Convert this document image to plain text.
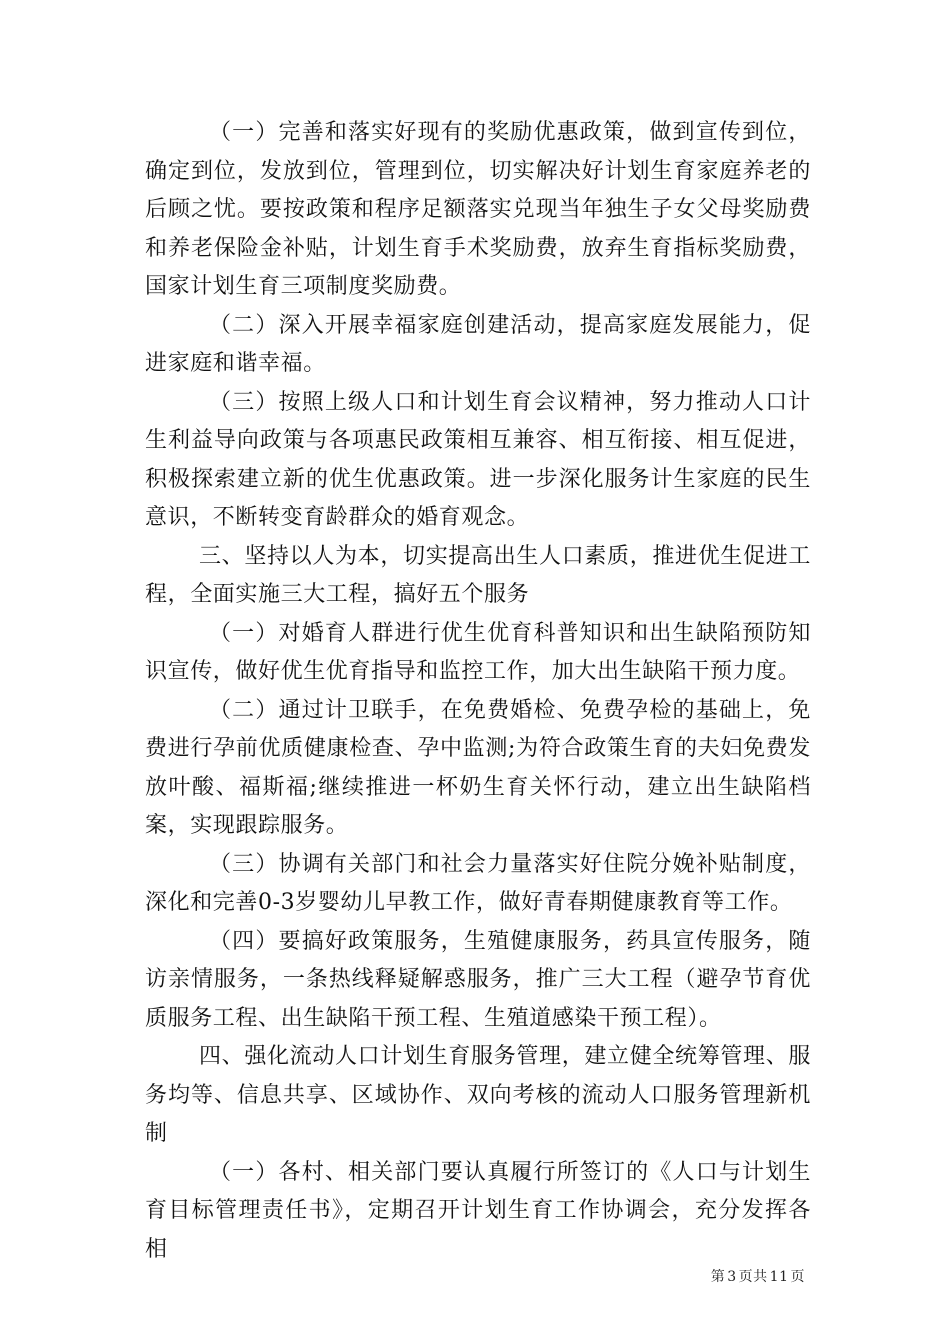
（一）完善和落实好现有的奖励优惠政策，做到宣传到位，确定到位，发放到位，管理到位，切实解决好计划生育家庭养老的后顾之忧。要按政策和程序足额落实兑现当年独生子女父母奖励费和养老保险金补贴，计划生育手术奖励费，放弃生育指标奖励费，国家计划生育三项制度奖励费。

（二）深入开展幸福家庭创建活动，提高家庭发展能力，促进家庭和谐幸福。

（三）按照上级人口和计划生育会议精神，努力推动人口计生利益导向政策与各项惠民政策相互兼容、相互衔接、相互促进，积极探索建立新的优生优惠政策。进一步深化服务计生家庭的民生意识，不断转变育龄群众的婚育观念。

三、坚持以人为本，切实提高出生人口素质，推进优生促进工程，全面实施三大工程，搞好五个服务

（一）对婚育人群进行优生优育科普知识和出生缺陷预防知识宣传，做好优生优育指导和监控工作，加大出生缺陷干预力度。

（二）通过计卫联手，在免费婚检、免费孕检的基础上，免费进行孕前优质健康检查、孕中监测;为符合政策生育的夫妇免费发放叶酸、福斯福;继续推进一杯奶生育关怀行动，建立出生缺陷档案，实现跟踪服务。

（三）协调有关部门和社会力量落实好住院分娩补贴制度，深化和完善0-3岁婴幼儿早教工作，做好青春期健康教育等工作。

（四）要搞好政策服务，生殖健康服务，药具宣传服务，随访亲情服务，一条热线释疑解惑服务，推广三大工程（避孕节育优质服务工程、出生缺陷干预工程、生殖道感染干预工程）。

四、强化流动人口计划生育服务管理，建立健全统筹管理、服务均等、信息共享、区域协作、双向考核的流动人口服务管理新机制

（一）各村、相关部门要认真履行所签订的《人口与计划生育目标管理责任书》，定期召开计划生育工作协调会，充分发挥各相

第 3 页共 11 页
